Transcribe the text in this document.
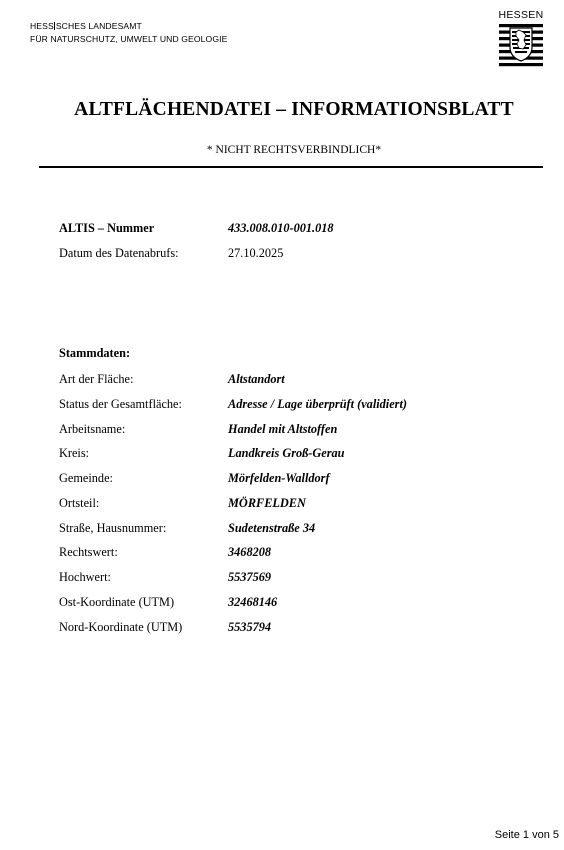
HESS SCHES LANDESAMT
FÜR NATURSCHUTZ, UMWELT UND GEOLOGIE
HESSEN
ALTFLÄCHENDATEI – INFORMATIONSBLATT
* NICHT RECHTSVERBINDLICH*
ALTIS – Nummer	433.008.010-001.018
Datum des Datenabrufs:	27.10.2025
Stammdaten:
Art der Fläche:	Altstandort
Status der Gesamtfläche:	Adresse / Lage überprüft (validiert)
Arbeitsname:	Handel mit Altstoffen
Kreis:	Landkreis Groß-Gerau
Gemeinde:	Mörfelden-Walldorf
Ortsteil:	MÖRFELDEN
Straße, Hausnummer:	Sudetenstraße 34
Rechtswert:	3468208
Hochwert:	5537569
Ost-Koordinate (UTM)	32468146
Nord-Koordinate (UTM)	5535794
Seite 1 von 5
